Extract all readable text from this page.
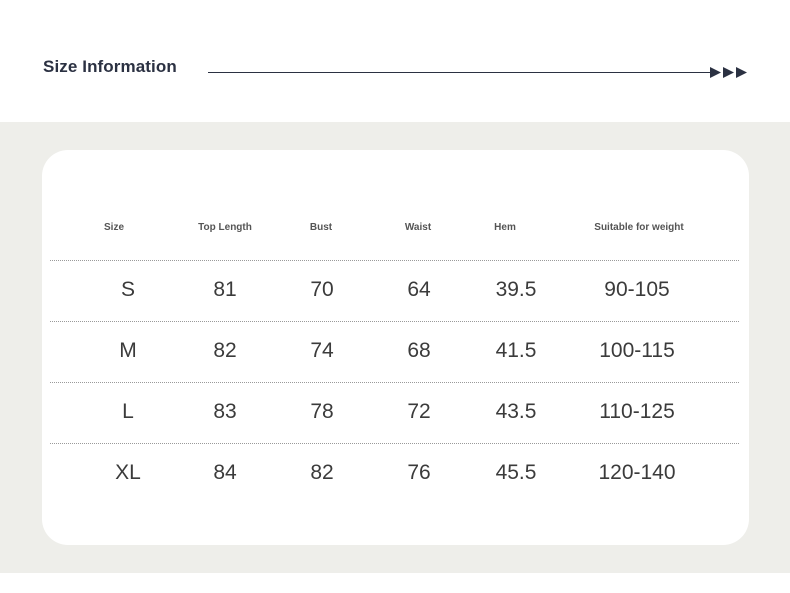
Size Information
Size	Top Length	Bust	Waist	Hem	Suitable for weight
S	81	70	64	39.5	90-105
M	82	74	68	41.5	100-115
L	83	78	72	43.5	110-125
XL	84	82	76	45.5	120-140
